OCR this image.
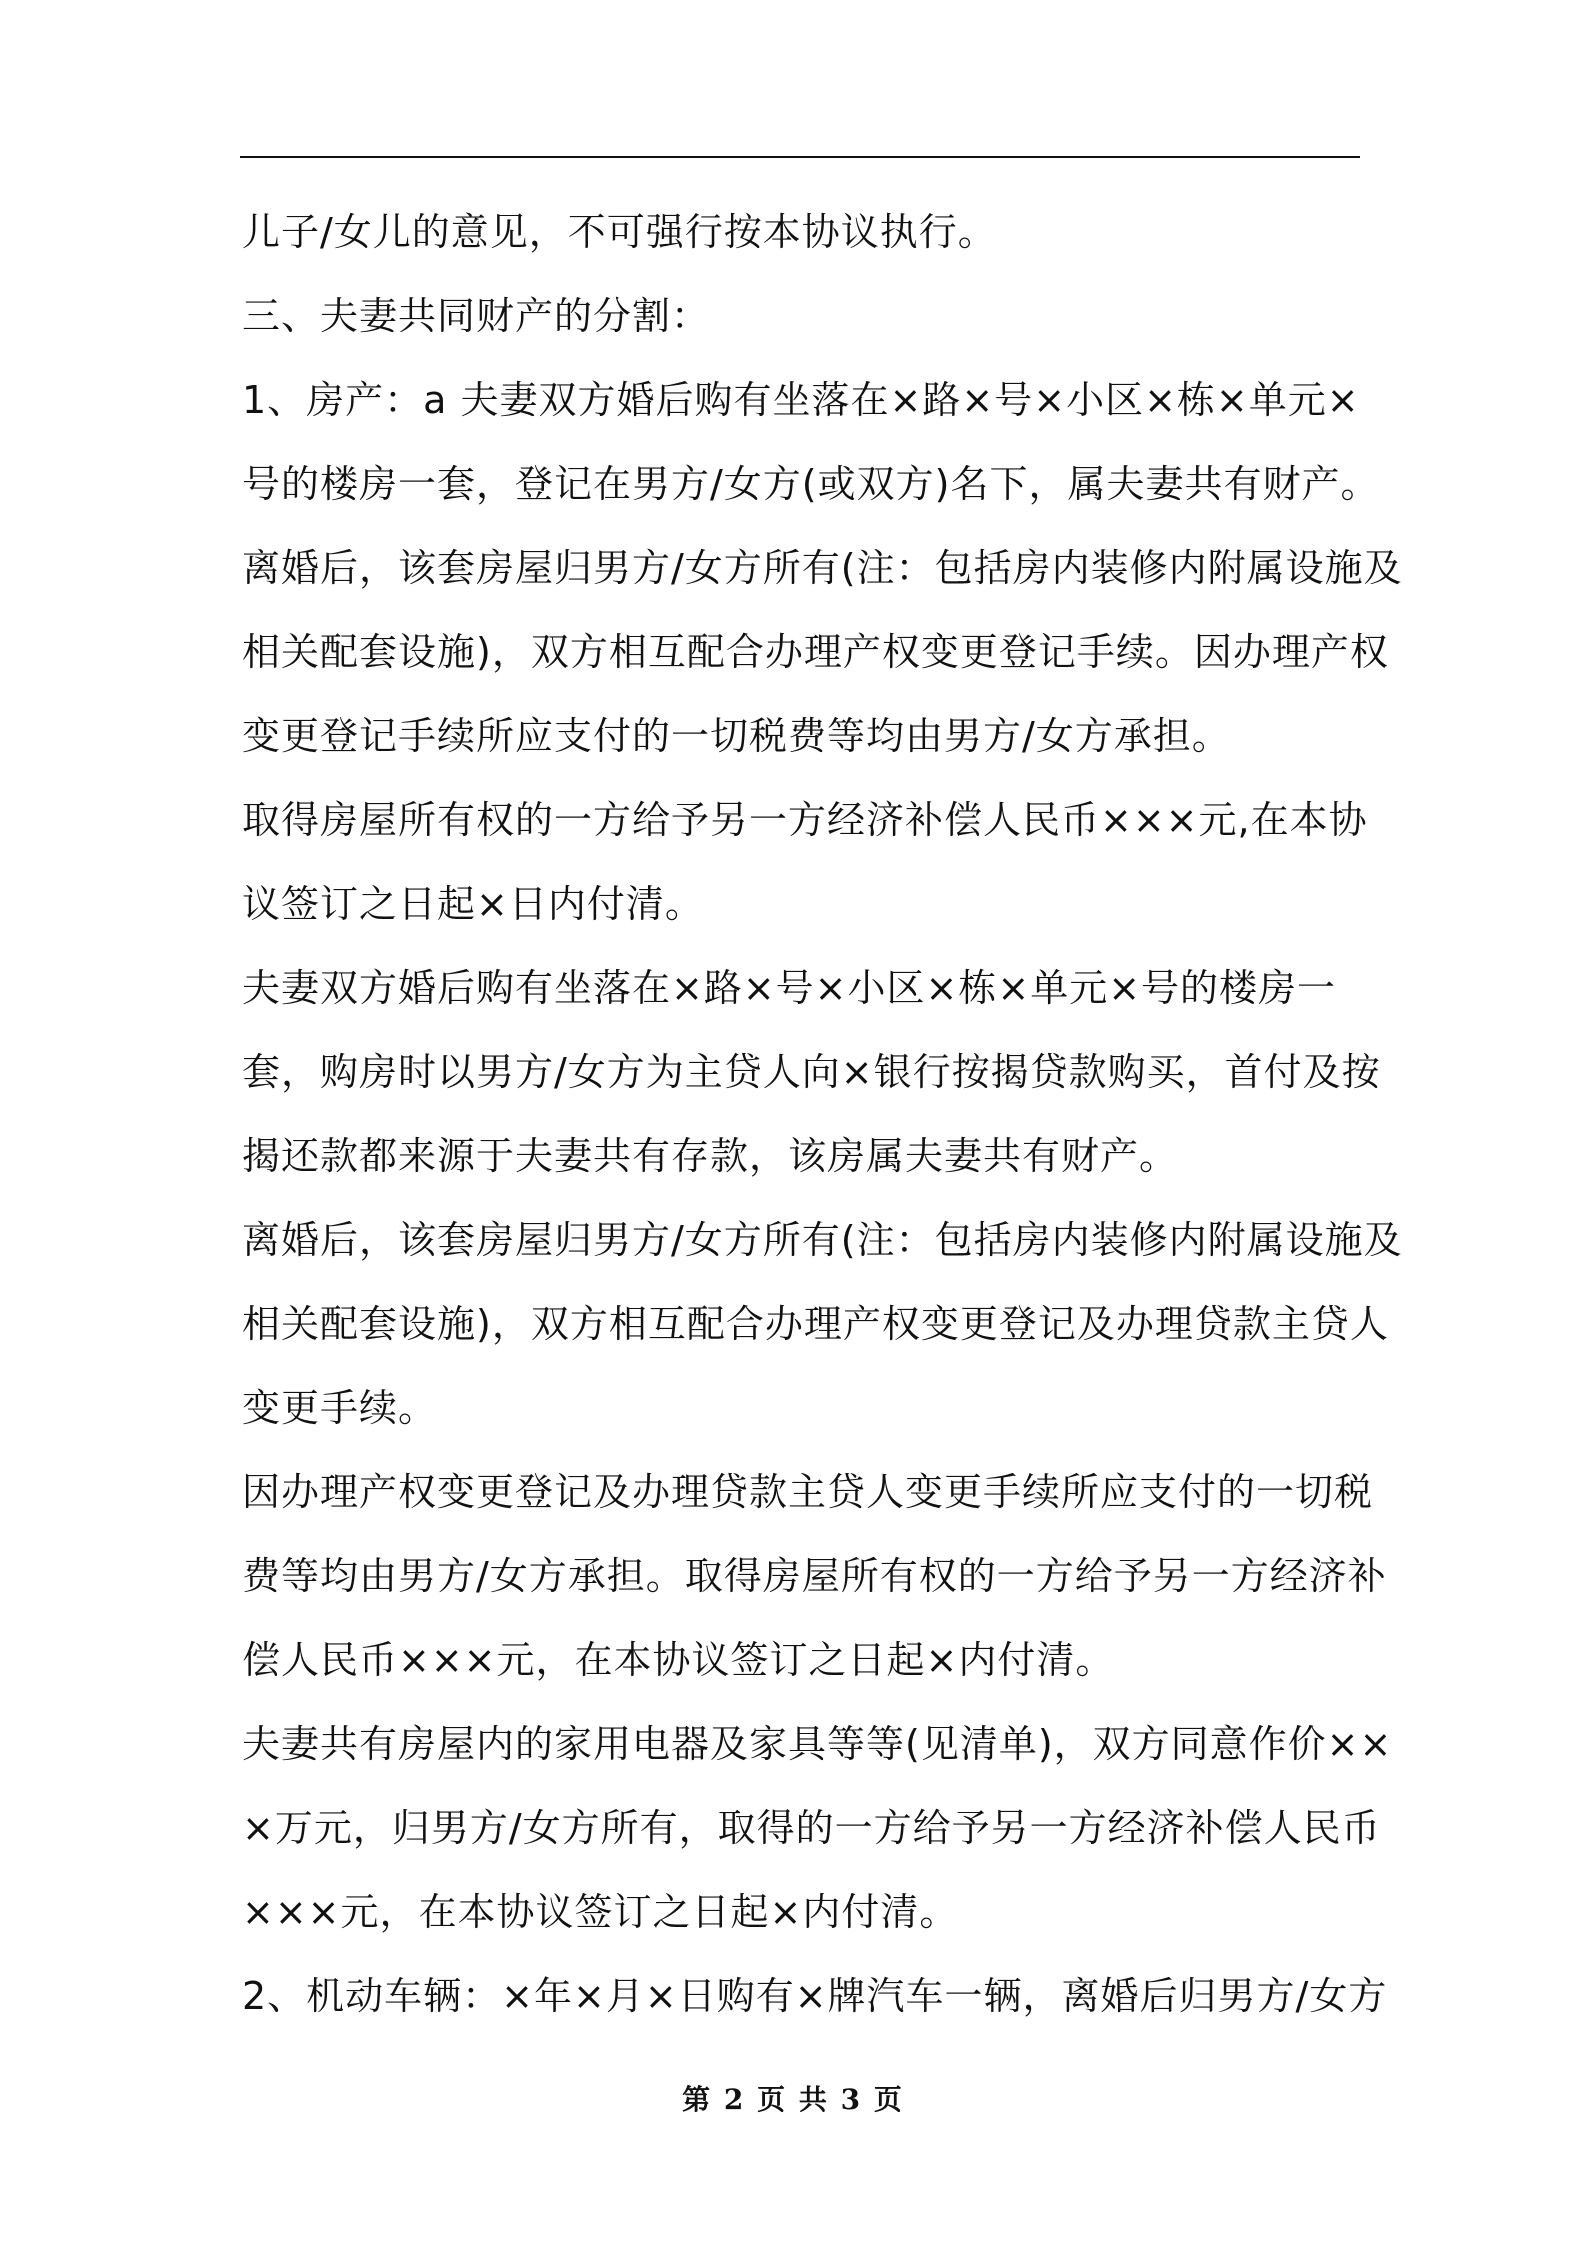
儿子/女儿的意见，不可强行按本协议执行。
三、夫妻共同财产的分割：
1、房产：a 夫妻双方婚后购有坐落在×路×号×小区×栋×单元×
号的楼房一套，登记在男方/女方(或双方)名下，属夫妻共有财产。
离婚后，该套房屋归男方/女方所有(注：包括房内装修内附属设施及
相关配套设施)，双方相互配合办理产权变更登记手续。因办理产权
变更登记手续所应支付的一切税费等均由男方/女方承担。
取得房屋所有权的一方给予另一方经济补偿人民币×××元,在本协
议签订之日起×日内付清。
夫妻双方婚后购有坐落在×路×号×小区×栋×单元×号的楼房一
套，购房时以男方/女方为主贷人向×银行按揭贷款购买，首付及按
揭还款都来源于夫妻共有存款，该房属夫妻共有财产。
离婚后，该套房屋归男方/女方所有(注：包括房内装修内附属设施及
相关配套设施)，双方相互配合办理产权变更登记及办理贷款主贷人
变更手续。
因办理产权变更登记及办理贷款主贷人变更手续所应支付的一切税
费等均由男方/女方承担。取得房屋所有权的一方给予另一方经济补
偿人民币×××元，在本协议签订之日起×内付清。
夫妻共有房屋内的家用电器及家具等等(见清单)，双方同意作价××
×万元，归男方/女方所有，取得的一方给予另一方经济补偿人民币
×××元，在本协议签订之日起×内付清。
2、机动车辆：×年×月×日购有×牌汽车一辆，离婚后归男方/女方
第 2 页 共 3 页
